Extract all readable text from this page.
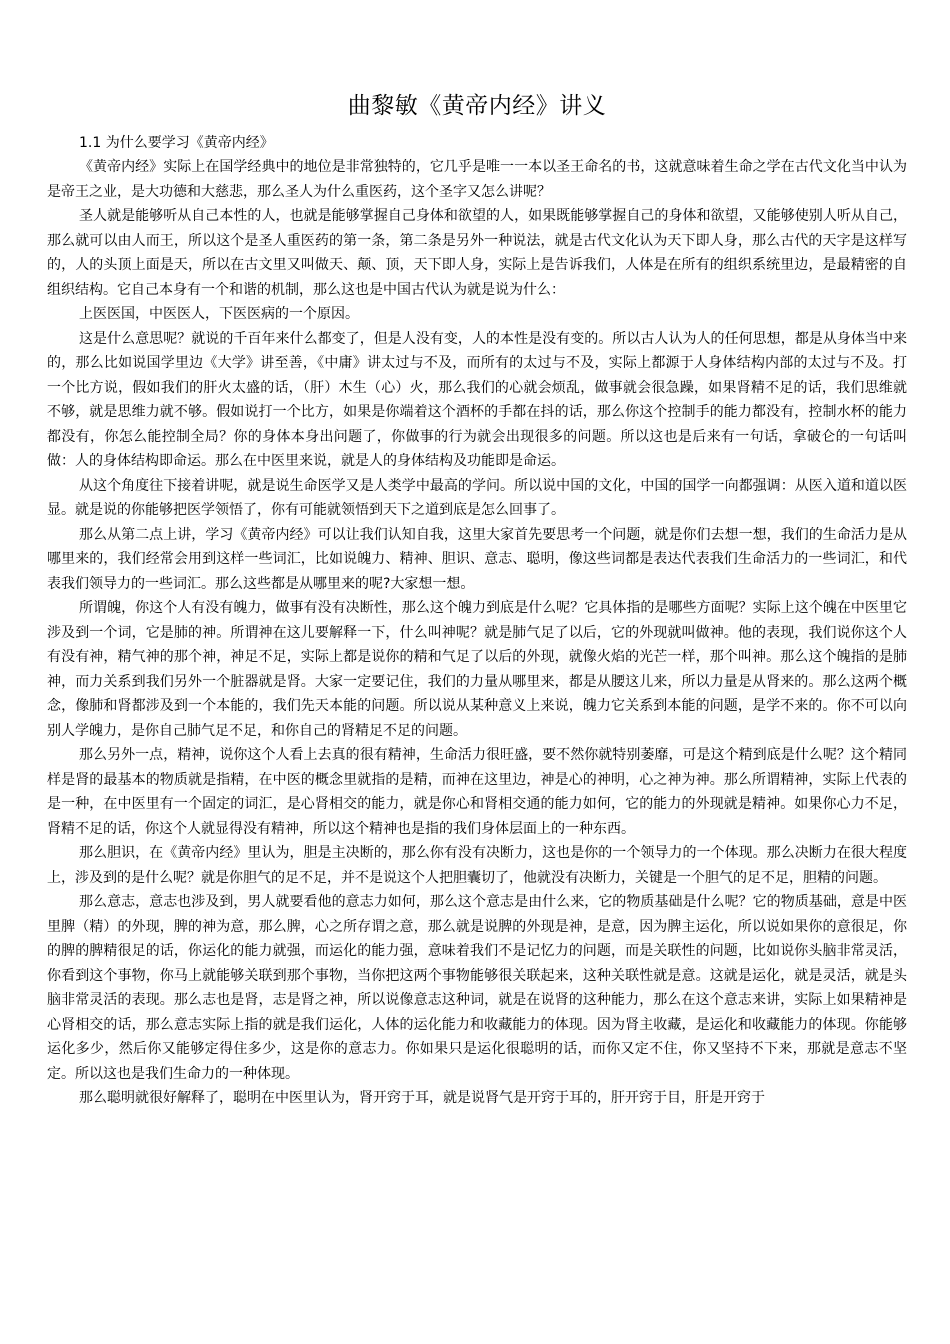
曲黎敏《黄帝内经》讲义

1.1 为什么要学习《黄帝内经》

《黄帝内经》实际上在国学经典中的地位是非常独特的，它几乎是唯一一本以圣王命名的书，这就意味着生命之学在古代文化当中认为是帝王之业，是大功德和大慈悲，那么圣人为什么重医药，这个圣字又怎么讲呢？

圣人就是能够听从自己本性的人，也就是能够掌握自己身体和欲望的人，如果既能够掌握自己的身体和欲望，又能够使别人听从自己，那么就可以由人而王，所以这个是圣人重医药的第一条，第二条是另外一种说法，就是古代文化认为天下即人身，那么古代的天字是这样写的，人的头顶上面是天，所以在古文里又叫做天、颠、顶，天下即人身，实际上是告诉我们，人体是在所有的组织系统里边，是最精密的自组织结构。它自己本身有一个和谐的机制，那么这也是中国古代认为就是说为什么：

上医医国，中医医人，下医医病的一个原因。

这是什么意思呢？就说的千百年来什么都变了，但是人没有变，人的本性是没有变的。所以古人认为人的任何思想，都是从身体当中来的，那么比如说国学里边《大学》讲至善，《中庸》讲太过与不及，而所有的太过与不及，实际上都源于人身体结构内部的太过与不及。打一个比方说，假如我们的肝火太盛的话，（肝）木生（心）火，那么我们的心就会烦乱，做事就会很急躁，如果肾精不足的话，我们思维就不够，就是思维力就不够。假如说打一个比方，如果是你端着这个酒杯的手都在抖的话，那么你这个控制手的能力都没有，控制水杯的能力都没有，你怎么能控制全局？你的身体本身出问题了，你做事的行为就会出现很多的问题。所以这也是后来有一句话，拿破仑的一句话叫做：人的身体结构即命运。那么在中医里来说，就是人的身体结构及功能即是命运。

从这个角度往下接着讲呢，就是说生命医学又是人类学中最高的学问。所以说中国的文化，中国的国学一向都强调：从医入道和道以医显。就是说的你能够把医学领悟了，你有可能就领悟到天下之道到底是怎么回事了。

那么从第二点上讲，学习《黄帝内经》可以让我们认知自我，这里大家首先要思考一个问题，就是你们去想一想，我们的生命活力是从哪里来的，我们经常会用到这样一些词汇，比如说魄力、精神、胆识、意志、聪明，像这些词都是表达代表我们生命活力的一些词汇，和代表我们领导力的一些词汇。那么这些都是从哪里来的呢?大家想一想。

所谓魄，你这个人有没有魄力，做事有没有决断性，那么这个魄力到底是什么呢？它具体指的是哪些方面呢？实际上这个魄在中医里它涉及到一个词，它是肺的神。所谓神在这儿要解释一下，什么叫神呢？就是肺气足了以后，它的外现就叫做神。他的表现，我们说你这个人有没有神，精气神的那个神，神足不足，实际上都是说你的精和气足了以后的外现，就像火焰的光芒一样，那个叫神。那么这个魄指的是肺神，而力关系到我们另外一个脏器就是肾。大家一定要记住，我们的力量从哪里来，都是从腰这儿来，所以力量是从肾来的。那么这两个概念，像肺和肾都涉及到一个本能的，我们先天本能的问题。所以说从某种意义上来说，魄力它关系到本能的问题，是学不来的。你不可以向别人学魄力，是你自己肺气足不足，和你自己的肾精足不足的问题。

那么另外一点，精神，说你这个人看上去真的很有精神，生命活力很旺盛，要不然你就特别萎靡，可是这个精到底是什么呢？这个精同样是肾的最基本的物质就是指精，在中医的概念里就指的是精，而神在这里边，神是心的神明，心之神为神。那么所谓精神，实际上代表的是一种，在中医里有一个固定的词汇，是心肾相交的能力，就是你心和肾相交通的能力如何，它的能力的外现就是精神。如果你心力不足，肾精不足的话，你这个人就显得没有精神，所以这个精神也是指的我们身体层面上的一种东西。

那么胆识，在《黄帝内经》里认为，胆是主决断的，那么你有没有决断力，这也是你的一个领导力的一个体现。那么决断力在很大程度上，涉及到的是什么呢？就是你胆气的足不足，并不是说这个人把胆囊切了，他就没有决断力，关键是一个胆气的足不足，胆精的问题。

那么意志，意志也涉及到，男人就要看他的意志力如何，那么这个意志是由什么来，它的物质基础是什么呢？它的物质基础，意是中医里脾（精）的外现，脾的神为意，那么脾，心之所存谓之意，那么就是说脾的外现是神，是意，因为脾主运化，所以说如果你的意很足，你的脾的脾精很足的话，你运化的能力就强，而运化的能力强，意味着我们不是记忆力的问题，而是关联性的问题，比如说你头脑非常灵活，你看到这个事物，你马上就能够关联到那个事物，当你把这两个事物能够很关联起来，这种关联性就是意。这就是运化，就是灵活，就是头脑非常灵活的表现。那么志也是肾，志是肾之神，所以说像意志这种词，就是在说肾的这种能力，那么在这个意志来讲，实际上如果精神是心肾相交的话，那么意志实际上指的就是我们运化，人体的运化能力和收藏能力的体现。因为肾主收藏，是运化和收藏能力的体现。你能够运化多少，然后你又能够定得住多少，这是你的意志力。你如果只是运化很聪明的话，而你又定不住，你又坚持不下来，那就是意志不坚定。所以这也是我们生命力的一种体现。

那么聪明就很好解释了，聪明在中医里认为，肾开窍于耳，就是说肾气是开窍于耳的，肝开窍于目，肝是开窍于
